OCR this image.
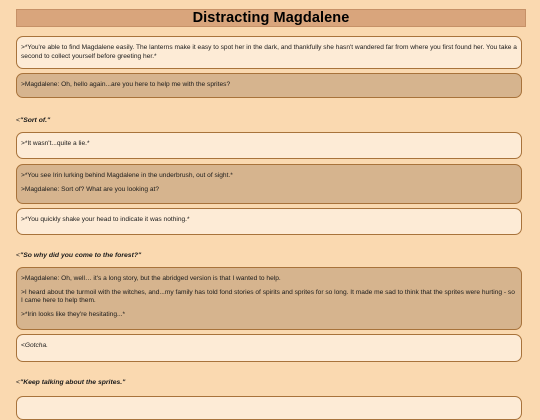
Distracting Magdalene

>*You're able to find Magdalene easily. The lanterns make it easy to spot her in the dark, and thankfully she hasn't wandered far from where you first found her. You take a second to collect yourself before greeting her.*

>Magdalene: Oh, hello again...are you here to help me with the sprites?

<"Sort of."

>*It wasn't...quite a lie.*

>*You see Irin lurking behind Magdalene in the underbrush, out of sight.*

>Magdalene: Sort of? What are you looking at?

>*You quickly shake your head to indicate it was nothing.*

<"So why did you come to the forest?"

>Magdalene: Oh, well… it's a long story, but the abridged version is that I wanted to help.

>I heard about the turmoil with the witches, and...my family has told fond stories of spirits and sprites for so long. It made me sad to think that the sprites were hurting - so I came here to help them.

>*Irin looks like they're hesitating...*

<Gotcha.

<"Keep talking about the sprites."
